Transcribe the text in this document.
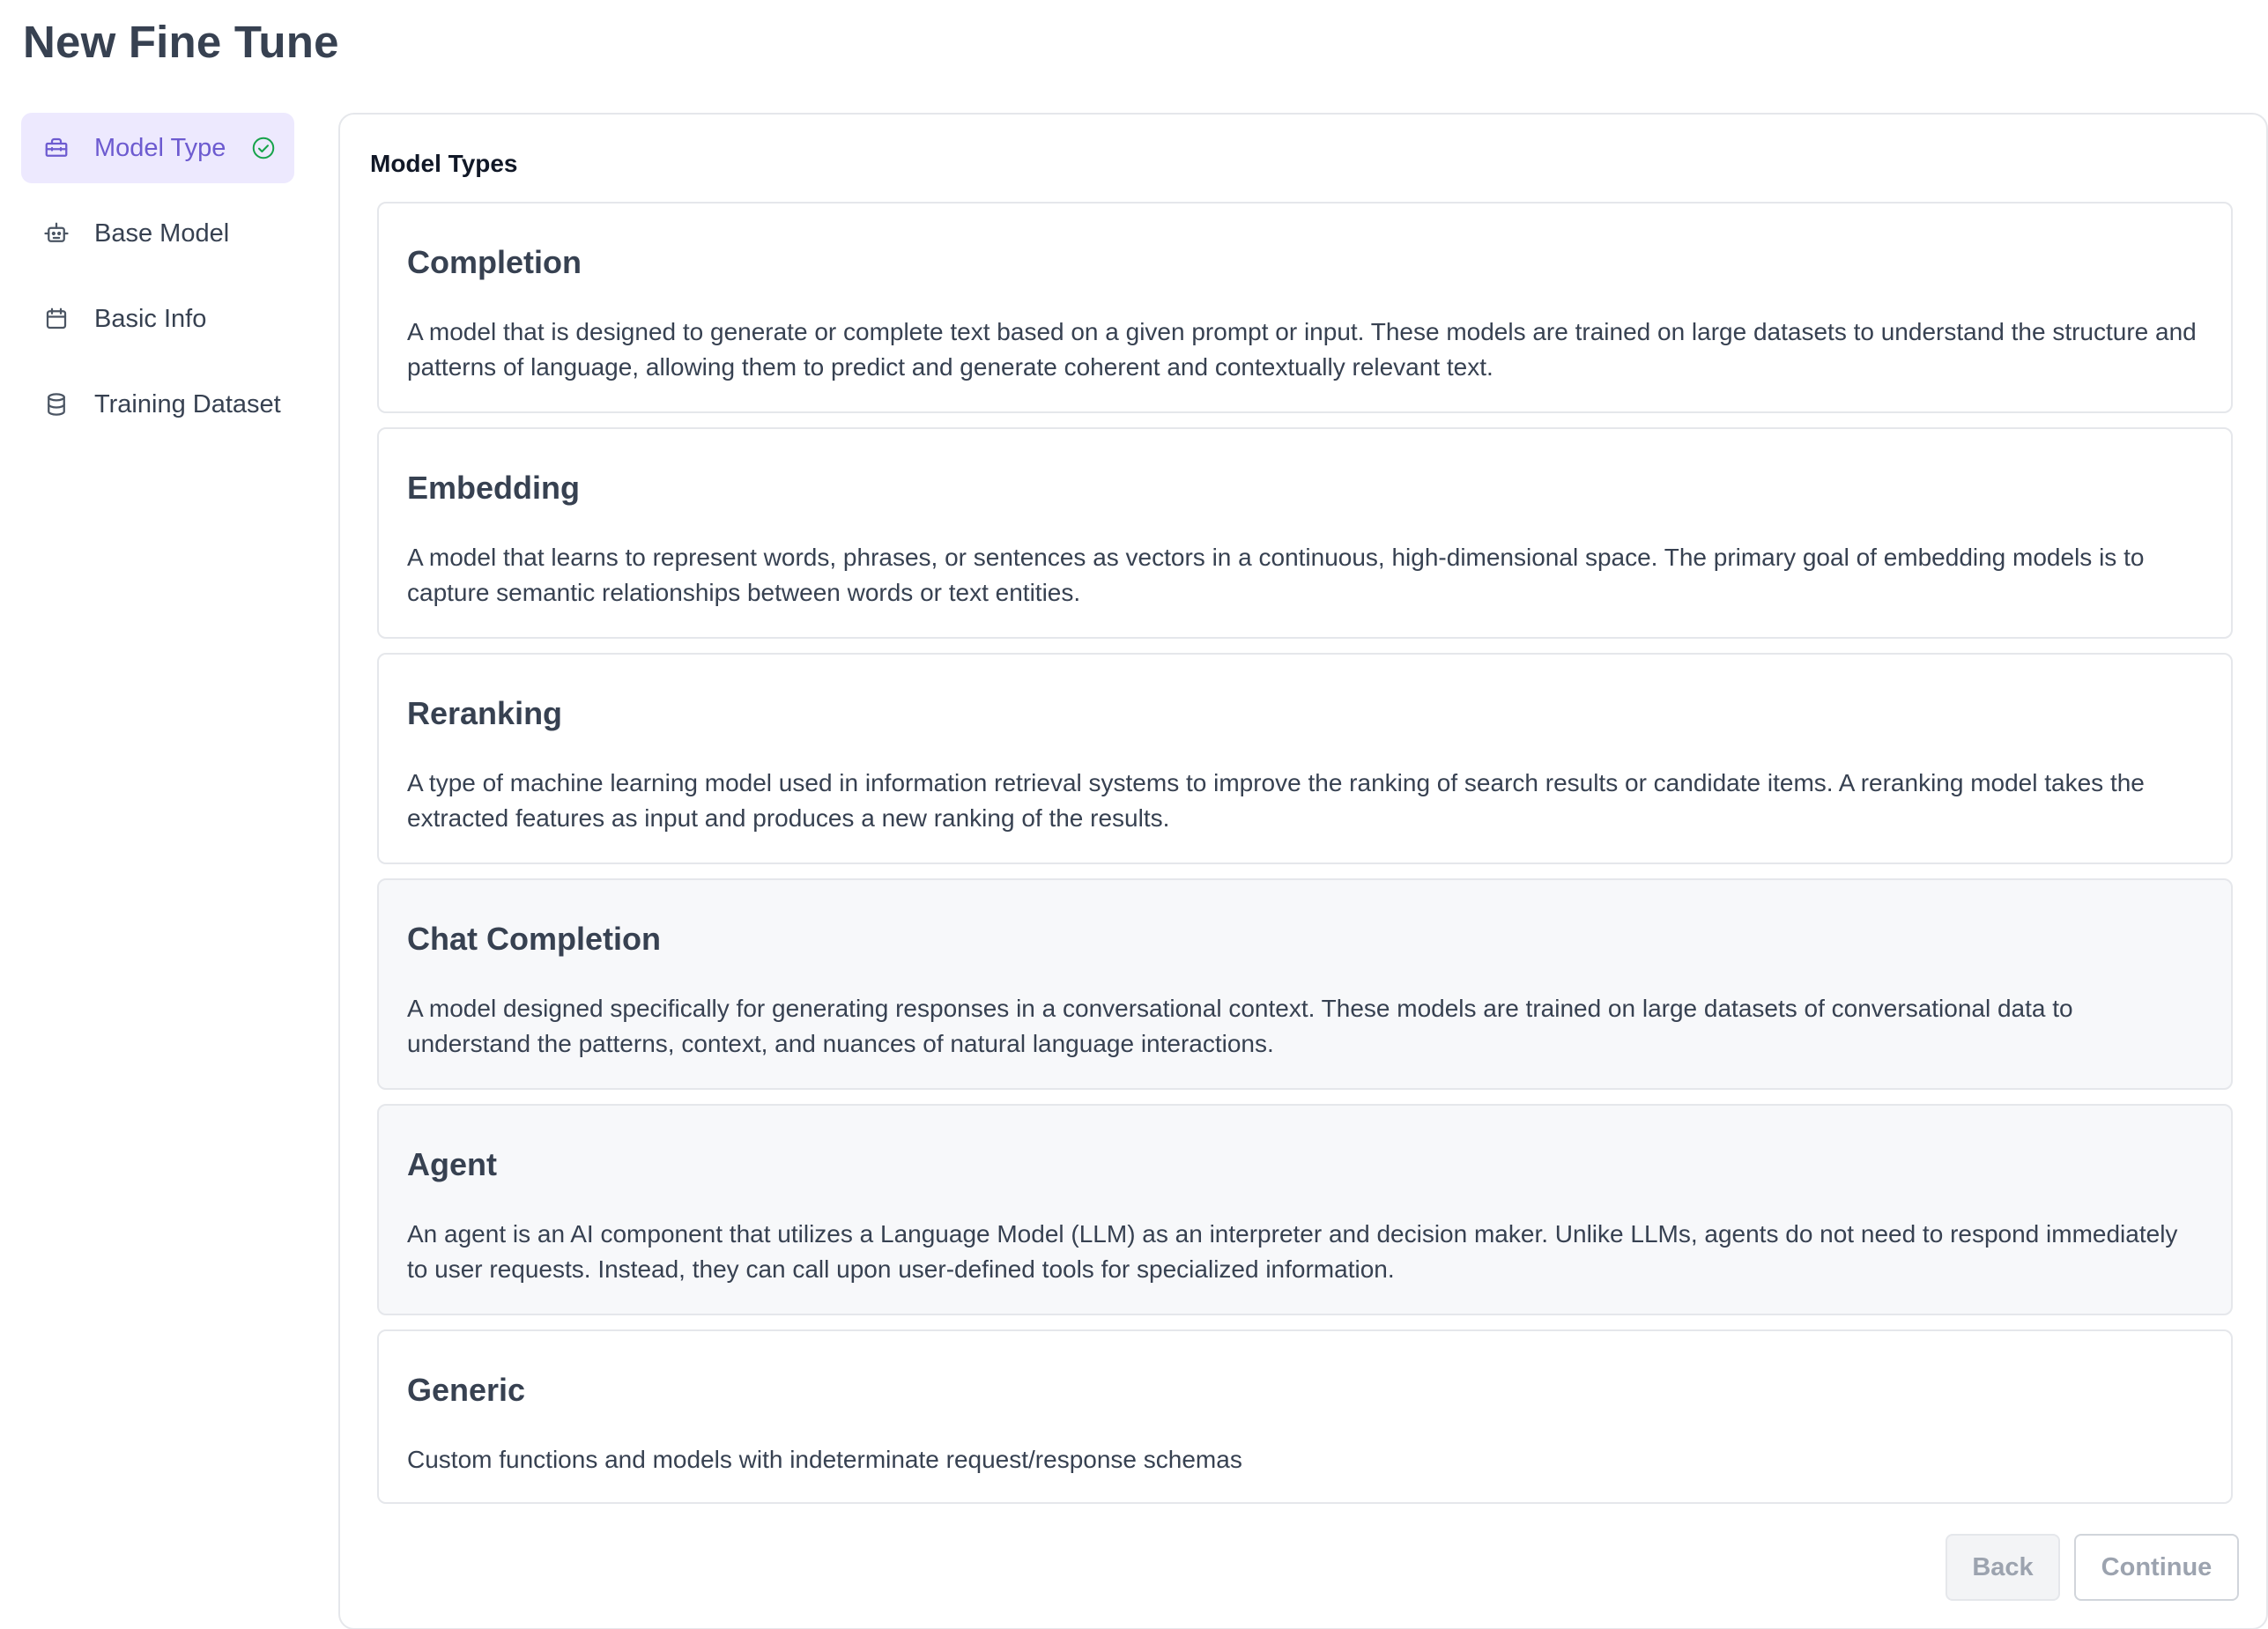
New Fine Tune
Model Type
Base Model
Basic Info
Training Dataset
Model Types
Completion
A model that is designed to generate or complete text based on a given prompt or input. These models are trained on large datasets to understand the structure and patterns of language, allowing them to predict and generate coherent and contextually relevant text.
Embedding
A model that learns to represent words, phrases, or sentences as vectors in a continuous, high-dimensional space. The primary goal of embedding models is to capture semantic relationships between words or text entities.
Reranking
A type of machine learning model used in information retrieval systems to improve the ranking of search results or candidate items. A reranking model takes the extracted features as input and produces a new ranking of the results.
Chat Completion
A model designed specifically for generating responses in a conversational context. These models are trained on large datasets of conversational data to understand the patterns, context, and nuances of natural language interactions.
Agent
An agent is an AI component that utilizes a Language Model (LLM) as an interpreter and decision maker. Unlike LLMs, agents do not need to respond immediately to user requests. Instead, they can call upon user-defined tools for specialized information.
Generic
Custom functions and models with indeterminate request/response schemas
Back	Continue
